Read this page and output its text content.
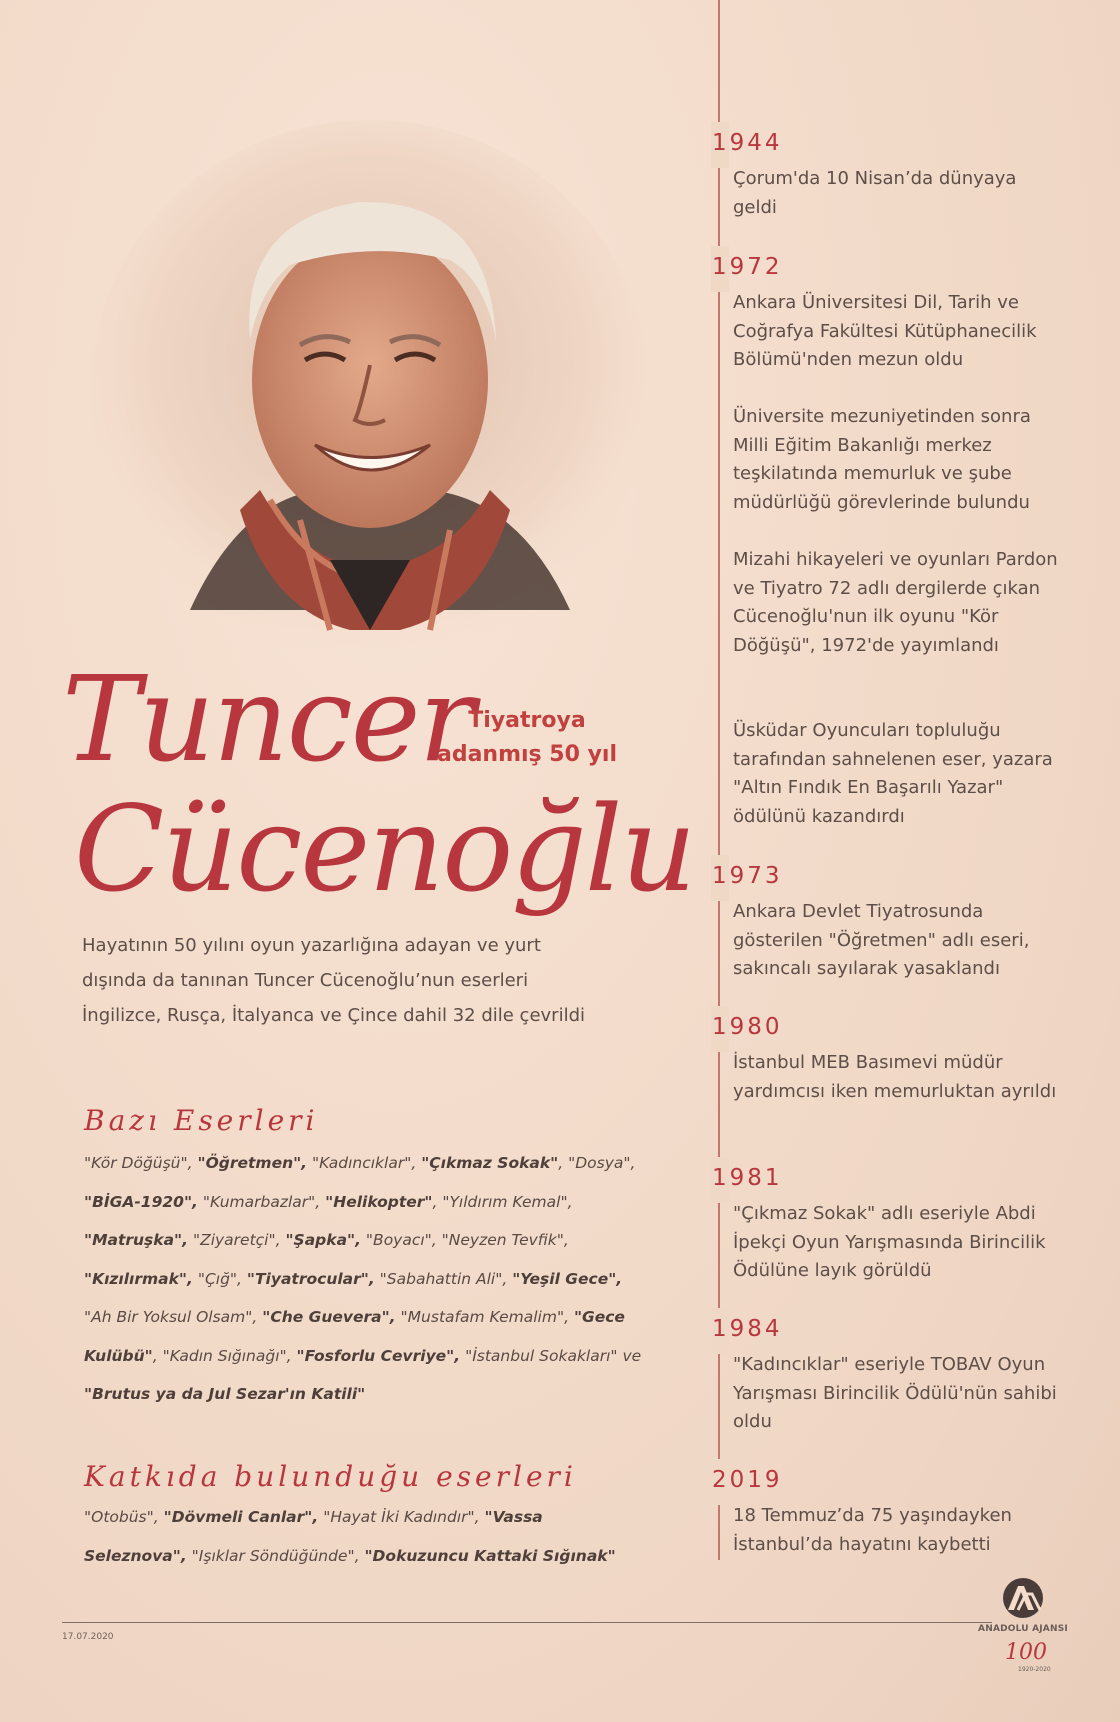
Tuncer
Cücenoğlu
Tiyatroya
adanmış 50 yıl
Hayatının 50 yılını oyun yazarlığına adayan ve yurt dışında da tanınan Tuncer Cücenoğlu’nun eserleri İngilizce, Rusça, İtalyanca ve Çince dahil 32 dile çevrildi
Bazı Eserleri
"Kör Döğüşü", "Öğretmen", "Kadıncıklar", "Çıkmaz Sokak", "Dosya", "BİGA-1920", "Kumarbazlar", "Helikopter", "Yıldırım Kemal", "Matruşka", "Ziyaretçi", "Şapka", "Boyacı", "Neyzen Tevfik", "Kızılırmak", "Çığ", "Tiyatrocular", "Sabahattin Ali", "Yeşil Gece", "Ah Bir Yoksul Olsam", "Che Guevera", "Mustafam Kemalim", "Gece Kulübü", "Kadın Sığınağı", "Fosforlu Cevriye", "İstanbul Sokakları" ve "Brutus ya da Jul Sezar'ın Katili"
Katkıda bulunduğu eserleri
"Otobüs", "Dövmeli Canlar", "Hayat İki Kadındır", "Vassa Seleznova", "Işıklar Söndüğünde", "Dokuzuncu Kattaki Sığınak"
1944
Çorum'da 10 Nisan’da dünyaya geldi
1972
Ankara Üniversitesi Dil, Tarih ve Coğrafya Fakültesi Kütüphanecilik Bölümü'nden mezun oldu
Üniversite mezuniyetinden sonra Milli Eğitim Bakanlığı merkez teşkilatında memurluk ve şube müdürlüğü görevlerinde bulundu
Mizahi hikayeleri ve oyunları Pardon ve Tiyatro 72 adlı dergilerde çıkan Cücenoğlu'nun ilk oyunu "Kör Döğüşü", 1972'de yayımlandı
Üsküdar Oyuncuları topluluğu tarafından sahnelenen eser, yazara "Altın Fındık En Başarılı Yazar" ödülünü kazandırdı
1973
Ankara Devlet Tiyatrosunda gösterilen "Öğretmen" adlı eseri, sakıncalı sayılarak yasaklandı
1980
İstanbul MEB Basımevi müdür yardımcısı iken memurluktan ayrıldı
1981
"Çıkmaz Sokak" adlı eseriyle Abdi İpekçi Oyun Yarışmasında Birincilik Ödülüne layık görüldü
1984
"Kadıncıklar" eseriyle TOBAV Oyun Yarışması Birincilik Ödülü'nün sahibi oldu
2019
18 Temmuz’da 75 yaşındayken İstanbul’da hayatını kaybetti
17.07.2020
ANADOLU AJANSI
100
1920-2020
